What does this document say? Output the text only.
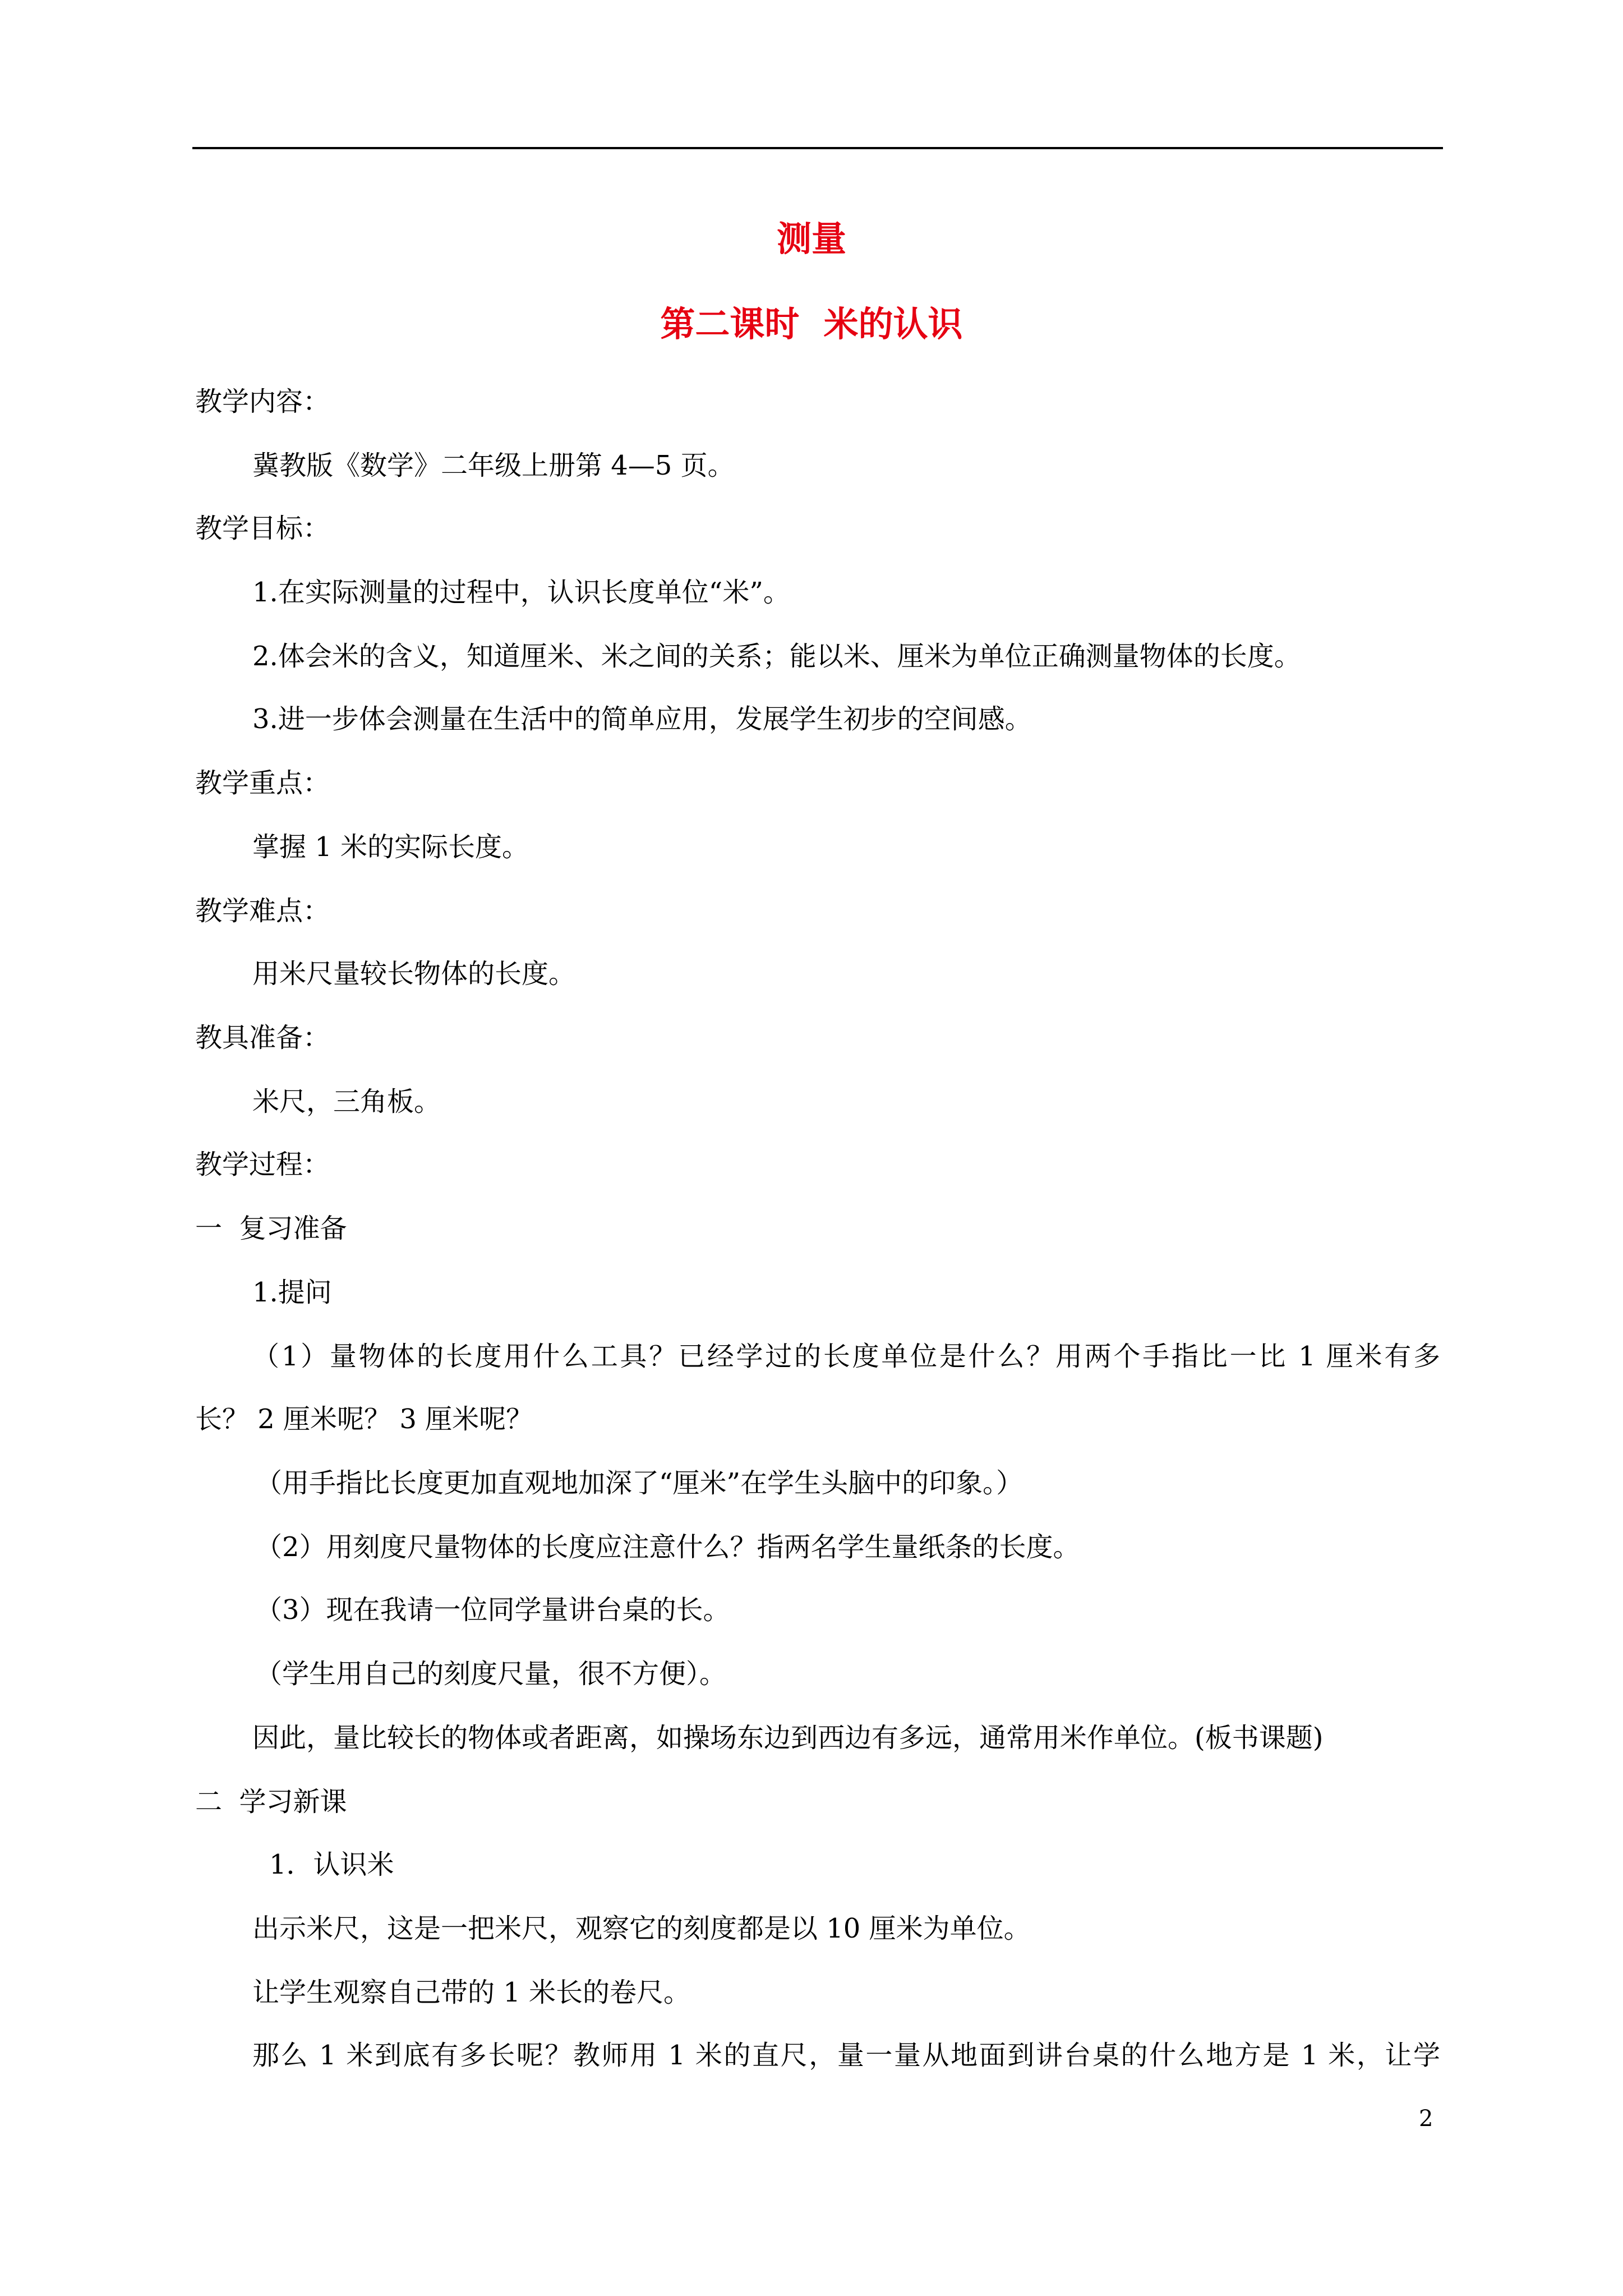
测量
第二课时  米的认识
教学内容：
冀教版《数学》二年级上册第 4—5 页。
教学目标：
1.在实际测量的过程中，认识长度单位“米”。
2.体会米的含义，知道厘米、米之间的关系；能以米、厘米为单位正确测量物体的长度。
3.进一步体会测量在生活中的简单应用，发展学生初步的空间感。
教学重点：
掌握 1 米的实际长度。
教学难点：
用米尺量较长物体的长度。
教具准备：
米尺，三角板。
教学过程：
一  复习准备
1.提问
（1）量物体的长度用什么工具？已经学过的长度单位是什么？用两个手指比一比 1 厘米有多
长？ 2 厘米呢？ 3 厘米呢？
（用手指比长度更加直观地加深了“厘米”在学生头脑中的印象。）
（2）用刻度尺量物体的长度应注意什么？指两名学生量纸条的长度。
（3）现在我请一位同学量讲台桌的长。
（学生用自己的刻度尺量，很不方便）。
因此，量比较长的物体或者距离，如操场东边到西边有多远，通常用米作单位。(板书课题)
二  学习新课
1．认识米
出示米尺，这是一把米尺，观察它的刻度都是以 10 厘米为单位。
让学生观察自己带的 1 米长的卷尺。
那么 1 米到底有多长呢？教师用 1 米的直尺，量一量从地面到讲台桌的什么地方是 1 米，让学
2
